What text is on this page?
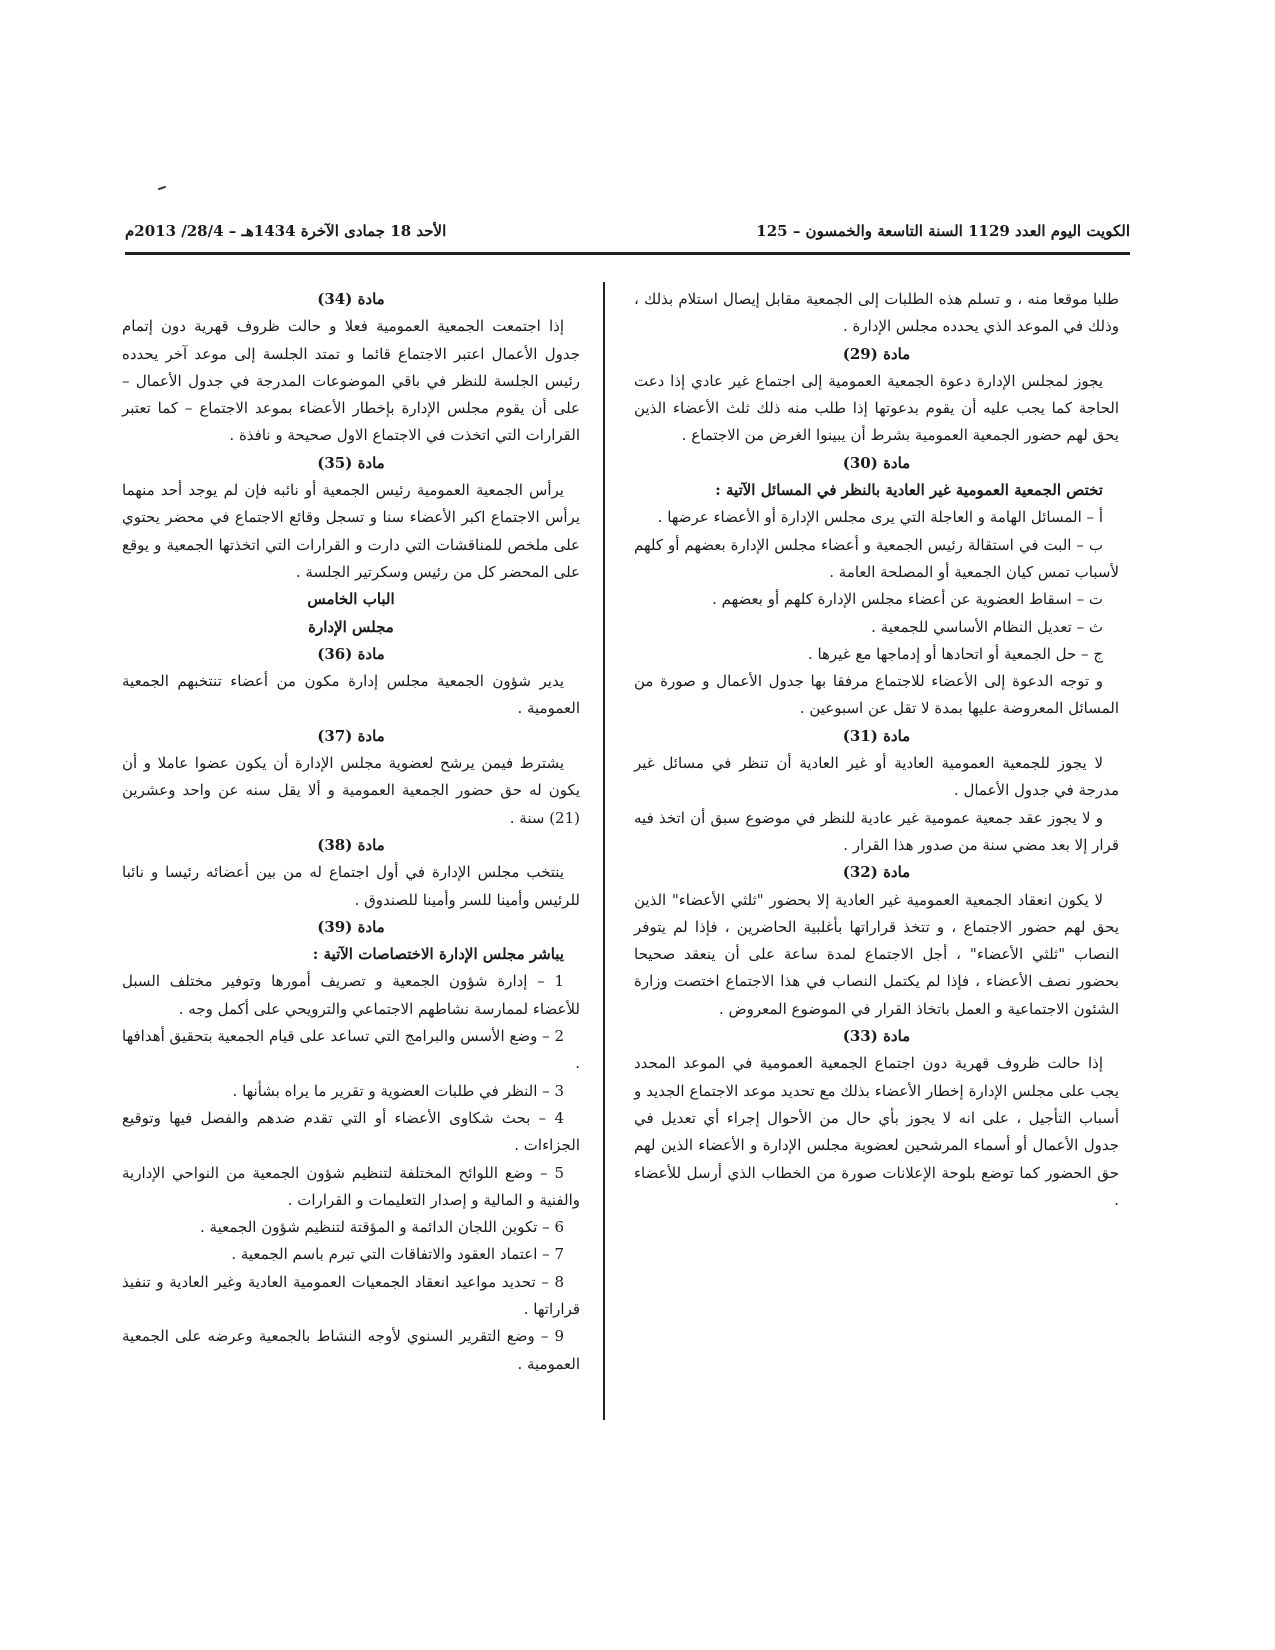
الكويت اليوم العدد 1129 السنة التاسعة والخمسون – 125
الأحد 18 جمادى الآخرة 1434هـ – 28/4/ 2013م

طلبا موقعا منه ، و تسلم هذه الطلبات إلى الجمعية مقابل إيصال استلام بذلك ، وذلك في الموعد الذي يحدده مجلس الإدارة .

مادة (29)

يجوز لمجلس الإدارة دعوة الجمعية العمومية إلى اجتماع غير عادي إذا دعت الحاجة كما يجب عليه أن يقوم بدعوتها إذا طلب منه ذلك ثلث الأعضاء الذين يحق لهم حضور الجمعية العمومية بشرط أن يبينوا الغرض من الاجتماع .

مادة (30)

تختص الجمعية العمومية غير العادية بالنظر في المسائل الآتية :

أ – المسائل الهامة و العاجلة التي يرى مجلس الإدارة أو الأعضاء عرضها .

ب – البت في استقالة رئيس الجمعية و أعضاء مجلس الإدارة بعضهم أو كلهم لأسباب تمس كيان الجمعية أو المصلحة العامة .

ت – اسقاط العضوية عن أعضاء مجلس الإدارة كلهم أو بعضهم .

ث – تعديل النظام الأساسي للجمعية .

ج – حل الجمعية أو اتحادها أو إدماجها مع غيرها .

و توجه الدعوة إلى الأعضاء للاجتماع مرفقا بها جدول الأعمال و صورة من المسائل المعروضة عليها بمدة لا تقل عن اسبوعين .

مادة (31)

لا يجوز للجمعية العمومية العادية أو غير العادية أن تنظر في مسائل غير مدرجة في جدول الأعمال .

و لا يجوز عقد جمعية عمومية غير عادية للنظر في موضوع سبق أن اتخذ فيه قرار إلا بعد مضي سنة من صدور هذا القرار .

مادة (32)

لا يكون انعقاد الجمعية العمومية غير العادية إلا بحضور "ثلثي الأعضاء" الذين يحق لهم حضور الاجتماع ، و تتخذ قراراتها بأغلبية الحاضرين ، فإذا لم يتوفر النصاب "ثلثي الأعضاء" ، أجل الاجتماع لمدة ساعة على أن ينعقد صحيحا بحضور نصف الأعضاء ، فإذا لم يكتمل النصاب في هذا الاجتماع اختصت وزارة الشئون الاجتماعية و العمل باتخاذ القرار في الموضوع المعروض .

مادة (33)

إذا حالت ظروف قهرية دون اجتماع الجمعية العمومية في الموعد المحدد يجب على مجلس الإدارة إخطار الأعضاء بذلك مع تحديد موعد الاجتماع الجديد و أسباب التأجيل ، على انه لا يجوز بأي حال من الأحوال إجراء أي تعديل في جدول الأعمال أو أسماء المرشحين لعضوية مجلس الإدارة و الأعضاء الذين لهم حق الحضور كما توضع بلوحة الإعلانات صورة من الخطاب الذي أرسل للأعضاء .

مادة (34)

إذا اجتمعت الجمعية العمومية فعلا و حالت ظروف قهرية دون إتمام جدول الأعمال اعتبر الاجتماع قائما و تمتد الجلسة إلى موعد آخر يحدده رئيس الجلسة للنظر في باقي الموضوعات المدرجة في جدول الأعمال – على أن يقوم مجلس الإدارة بإخطار الأعضاء بموعد الاجتماع – كما تعتبر القرارات التي اتخذت في الاجتماع الاول صحيحة و نافذة .

مادة (35)

يرأس الجمعية العمومية رئيس الجمعية أو نائبه فإن لم يوجد أحد منهما يرأس الاجتماع اكبر الأعضاء سنا و تسجل وقائع الاجتماع في محضر يحتوي على ملخص للمناقشات التي دارت و القرارات التي اتخذتها الجمعية و يوقع على المحضر كل من رئيس وسكرتير الجلسة .

الباب الخامس

مجلس الإدارة

مادة (36)

يدير شؤون الجمعية مجلس إدارة مكون من أعضاء تنتخبهم الجمعية العمومية .

مادة (37)

يشترط فيمن يرشح لعضوية مجلس الإدارة أن يكون عضوا عاملا و أن يكون له حق حضور الجمعية العمومية و ألا يقل سنه عن واحد وعشرين (21) سنة .

مادة (38)

ينتخب مجلس الإدارة في أول اجتماع له من بين أعضائه رئيسا و نائبا للرئيس وأمينا للسر وأمينا للصندوق .

مادة (39)

يباشر مجلس الإدارة الاختصاصات الآتية :

1 – إدارة شؤون الجمعية و تصريف أمورها وتوفير مختلف السبل للأعضاء لممارسة نشاطهم الاجتماعي والترويحي على أكمل وجه .

2 – وضع الأسس والبرامج التي تساعد على قيام الجمعية بتحقيق أهدافها .

3 – النظر في طلبات العضوية و تقرير ما يراه بشأنها .

4 – بحث شكاوى الأعضاء أو التي تقدم ضدهم والفصل فيها وتوقيع الجزاءات .

5 – وضع اللوائح المختلفة لتنظيم شؤون الجمعية من النواحي الإدارية والفنية و المالية و إصدار التعليمات و القرارات .

6 – تكوين اللجان الدائمة و المؤقتة لتنظيم شؤون الجمعية .

7 – اعتماد العقود والاتفاقات التي تبرم باسم الجمعية .

8 – تحديد مواعيد انعقاد الجمعيات العمومية العادية وغير العادية و تنفيذ قراراتها .

9 – وضع التقرير السنوي لأوجه النشاط بالجمعية وعرضه على الجمعية العمومية .
